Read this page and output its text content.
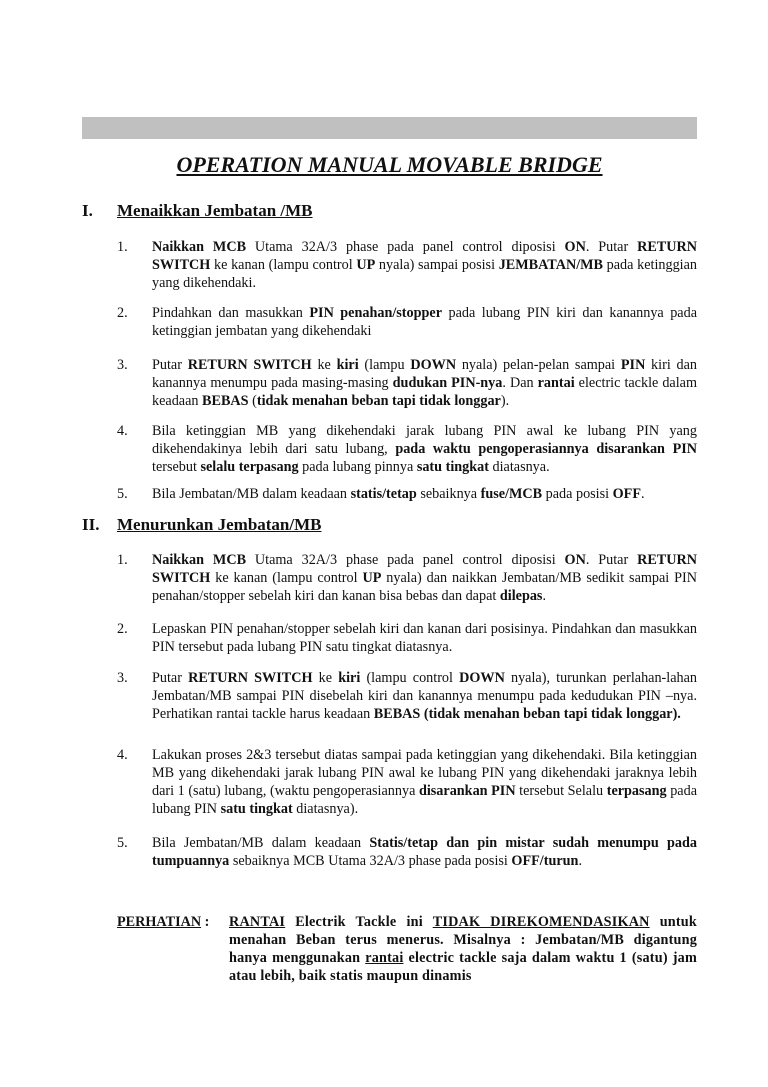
OPERATION MANUAL MOVABLE BRIDGE
I. Menaikkan Jembatan /MB
1. Naikkan MCB Utama 32A/3 phase pada panel control diposisi ON. Putar RETURN SWITCH ke kanan (lampu control UP nyala) sampai posisi JEMBATAN/MB pada ketinggian yang dikehendaki.
2. Pindahkan dan masukkan PIN penahan/stopper pada lubang PIN kiri dan kanannya pada ketinggian jembatan yang dikehendaki
3. Putar RETURN SWITCH ke kiri (lampu DOWN nyala) pelan-pelan sampai PIN kiri dan kanannya menumpu pada masing-masing dudukan PIN-nya. Dan rantai electric tackle dalam keadaan BEBAS (tidak menahan beban tapi tidak longgar).
4. Bila ketinggian MB yang dikehendaki jarak lubang PIN awal ke lubang PIN yang dikehendakinya lebih dari satu lubang, pada waktu pengoperasiannya disarankan PIN tersebut selalu terpasang pada lubang pinnya satu tingkat diatasnya.
5. Bila Jembatan/MB dalam keadaan statis/tetap sebaiknya fuse/MCB pada posisi OFF.
II. Menurunkan Jembatan/MB
1. Naikkan MCB Utama 32A/3 phase pada panel control diposisi ON. Putar RETURN SWITCH ke kanan (lampu control UP nyala) dan naikkan Jembatan/MB sedikit sampai PIN penahan/stopper sebelah kiri dan kanan bisa bebas dan dapat dilepas.
2. Lepaskan PIN penahan/stopper sebelah kiri dan kanan dari posisinya. Pindahkan dan masukkan PIN tersebut pada lubang PIN satu tingkat diatasnya.
3. Putar RETURN SWITCH ke kiri (lampu control DOWN nyala), turunkan perlahan-lahan Jembatan/MB sampai PIN disebelah kiri dan kanannya menumpu pada kedudukan PIN –nya. Perhatikan rantai tackle harus keadaan BEBAS (tidak menahan beban tapi tidak longgar).
4. Lakukan proses 2&3 tersebut diatas sampai pada ketinggian yang dikehendaki. Bila ketinggian MB yang dikehendaki jarak lubang PIN awal ke lubang PIN yang dikehendaki jaraknya lebih dari 1 (satu) lubang, (waktu pengoperasiannya disarankan PIN tersebut Selalu terpasang pada lubang PIN satu tingkat diatasnya).
5. Bila Jembatan/MB dalam keadaan Statis/tetap dan pin mistar sudah menumpu pada tumpuannya sebaiknya MCB Utama 32A/3 phase pada posisi OFF/turun.
PERHATIAN : RANTAI Electrik Tackle ini TIDAK DIREKOMENDASIKAN untuk menahan Beban terus menerus. Misalnya : Jembatan/MB digantung hanya menggunakan rantai electric tackle saja dalam waktu 1 (satu) jam atau lebih, baik statis maupun dinamis
